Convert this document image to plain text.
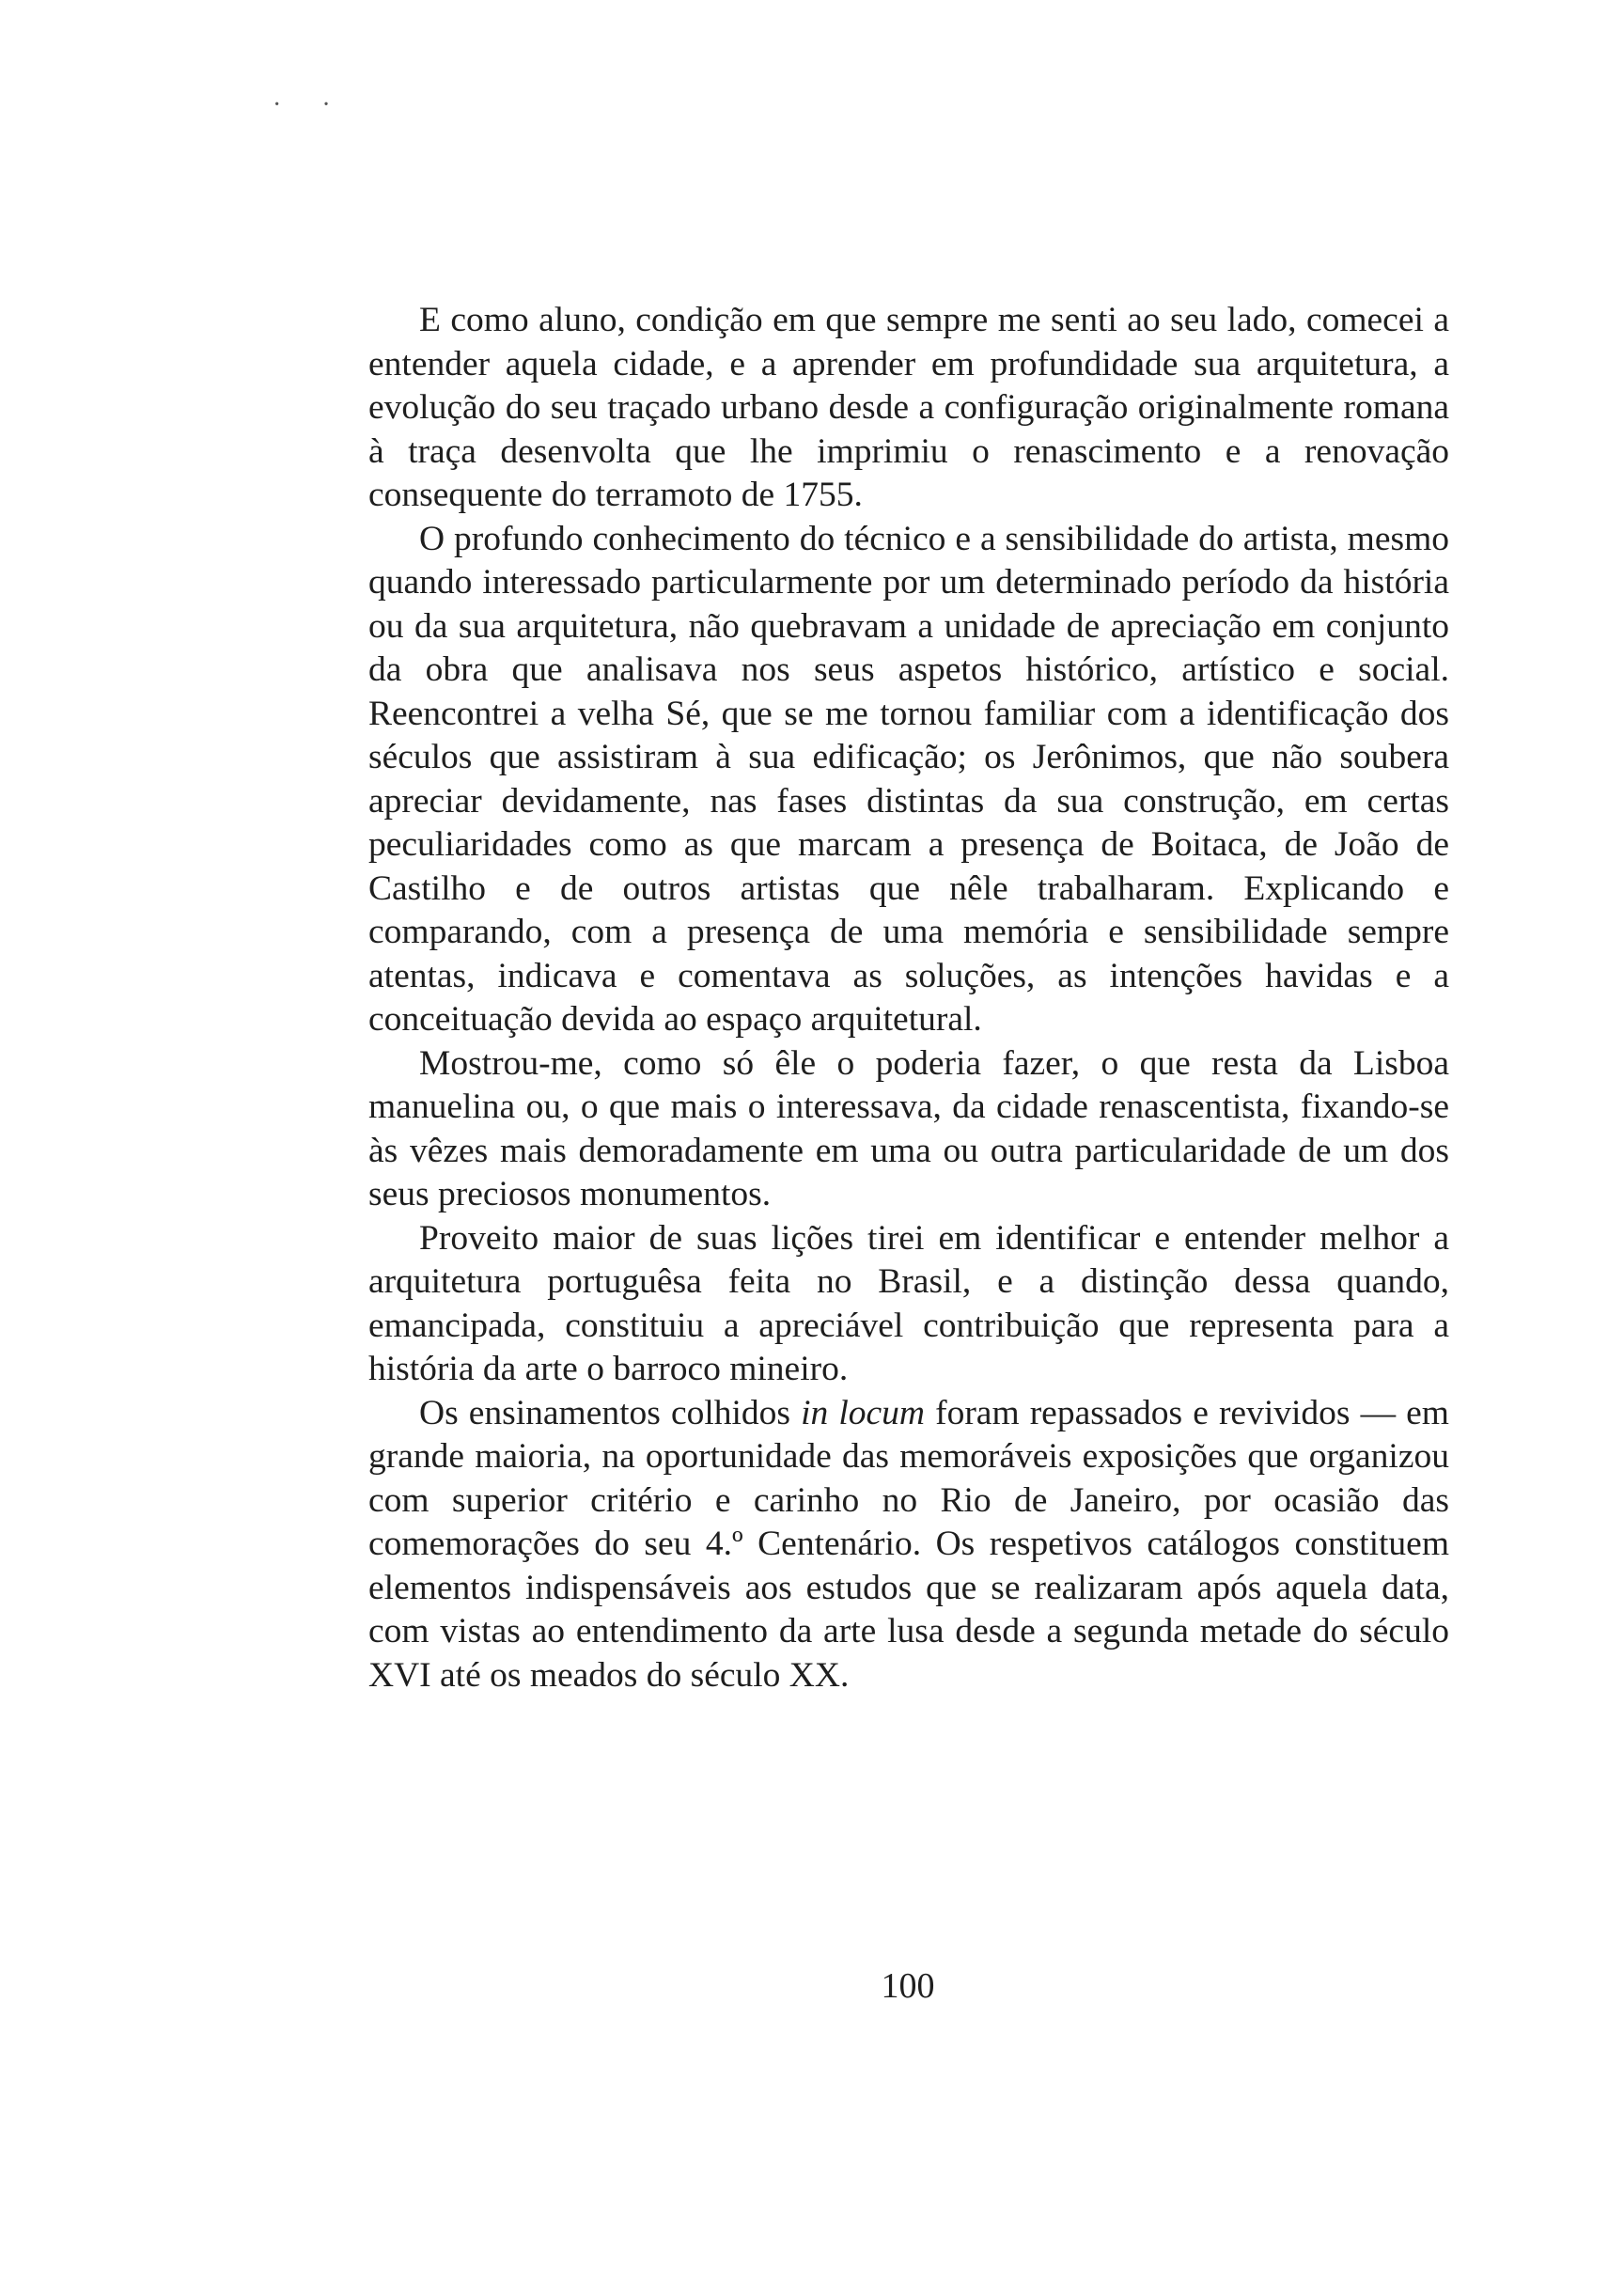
· ·

E como aluno, condição em que sempre me senti ao seu lado, comecei a entender aquela cidade, e a aprender em profundidade sua arquitetura, a evolução do seu traçado urbano desde a configuração originalmente romana à traça desenvolta que lhe imprimiu o renascimento e a renovação consequente do terramoto de 1755.

O profundo conhecimento do técnico e a sensibilidade do artista, mesmo quando interessado particularmente por um determinado período da história ou da sua arquitetura, não quebravam a unidade de apreciação em conjunto da obra que analisava nos seus aspetos histórico, artístico e social. Reencontrei a velha Sé, que se me tornou familiar com a identificação dos séculos que assistiram à sua edificação; os Jerônimos, que não soubera apreciar devidamente, nas fases distintas da sua construção, em certas peculiaridades como as que marcam a presença de Boitaca, de João de Castilho e de outros artistas que nêle trabalharam. Explicando e comparando, com a presença de uma memória e sensibilidade sempre atentas, indicava e comentava as soluções, as intenções havidas e a conceituação devida ao espaço arquitetural.

Mostrou-me, como só êle o poderia fazer, o que resta da Lisboa manuelina ou, o que mais o interessava, da cidade renascentista, fixando-se às vêzes mais demoradamente em uma ou outra particularidade de um dos seus preciosos monumentos.

Proveito maior de suas lições tirei em identificar e entender melhor a arquitetura portuguêsa feita no Brasil, e a distinção dessa quando, emancipada, constituiu a apreciável contribuição que representa para a história da arte o barroco mineiro.

Os ensinamentos colhidos in locum foram repassados e revividos — em grande maioria, na oportunidade das memoráveis exposições que organizou com superior critério e carinho no Rio de Janeiro, por ocasião das comemorações do seu 4.º Centenário. Os respetivos catálogos constituem elementos indispensáveis aos estudos que se realizaram após aquela data, com vistas ao entendimento da arte lusa desde a segunda metade do século XVI até os meados do século XX.

100
